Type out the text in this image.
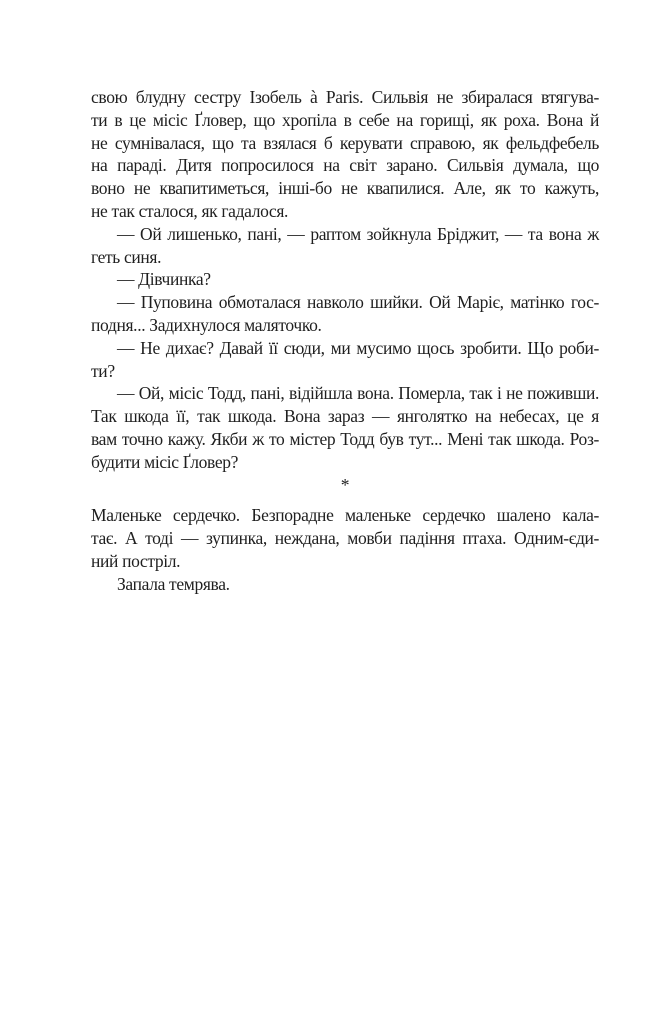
свою блудну сестру Ізобель à Paris. Сильвія не збиралася втягува-
ти в це місіс Ґловер, що хропіла в себе на горищі, як роха. Вона й
не сумнівалася, що та взялася б керувати справою, як фельдфебель
на параді. Дитя попросилося на світ зарано. Сильвія думала, що
воно не квапитиметься, інші-бо не квапилися. Але, як то кажуть,
не так сталося, як гадалося.
— Ой лишенько, пані, — раптом зойкнула Бріджит, — та вона ж
геть синя.
— Дівчинка?
— Пуповина обмоталася навколо шийки. Ой Маріє, матінко гос-
подня... Задихнулося маляточко.
— Не дихає? Давай її сюди, ми мусимо щось зробити. Що роби-
ти?
— Ой, місіс Тодд, пані, відійшла вона. Померла, так і не поживши.
Так шкода її, так шкода. Вона зараз — янголятко на небесах, це я
вам точно кажу. Якби ж то містер Тодд був тут... Мені так шкода. Роз-
будити місіс Ґловер?
*
Маленьке сердечко. Безпорадне маленьке сердечко шалено кала-
тає. А тоді — зупинка, неждана, мовби падіння птаха. Одним-єди-
ний постріл.
Запала темрява.
